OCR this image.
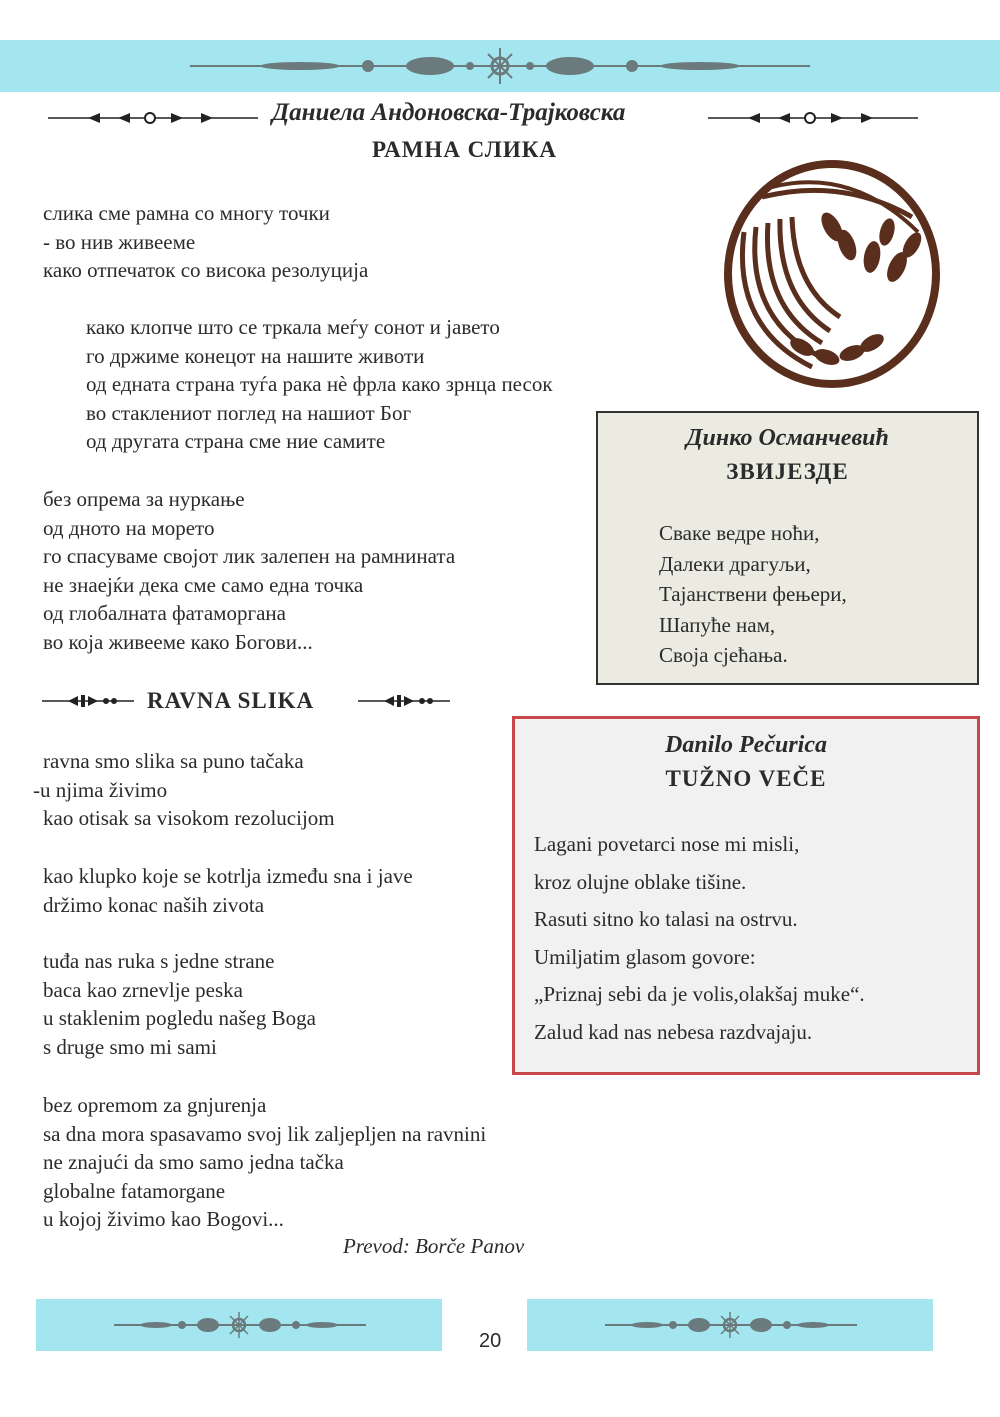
Даниела Андоновска-Трајковска
РАМНА СЛИКА
слика сме рамна со многу точки
- во нив живееме
како отпечаток со висока резолуција
како клопче што се тркала меѓу сонот и јавето
го држиме конецот на нашите животи
од едната страна туѓа рака нè фрла како зрнца песок
во стаклениот поглед на нашиот Бог
од другата страна сме ние самите
без опрема за нуркање
од дното на морето
го спасуваме својот лик залепен на рамнината
не знаејќи дека сме само една точка
од глобалната фатаморгана
во која живееме како Богови...
RAVNA SLIKA
ravna smo slika sa puno tačaka
-u njima živimo
kao otisak sa visokom rezolucijom
kao klupko koje se kotrlja između sna i jave
držimo konac naših zivota
tuđa nas ruka s jedne strane
baca kao zrnevlje peska
u staklenim pogledu našeg Boga
s druge smo mi sami
bez opremom za gnjurenja
sa dna mora spasavamo svoj lik zaljepljen na ravnini
ne znajući da smo samo jedna tačka
globalne fatamorgane
u kojoj živimo kao Bogovi...
Prevod: Borče Panov
Динко Османчевић
ЗВИЈЕЗДЕ
Сваке ведре ноћи,
Далеки драгуљи,
Тајанствени фењери,
Шапуће нам,
Своја сјећања.
Danilo Pečurica
TUŽNO VEČE
Lagani povetarci nose mi misli,
kroz olujne oblake tišine.
Rasuti sitno ko talasi na ostrvu.
Umiljatim glasom govore:
„Priznaj sebi da je volis,olakšaj muke“.
Zalud kad nas nebesa razdvajaju.
20
